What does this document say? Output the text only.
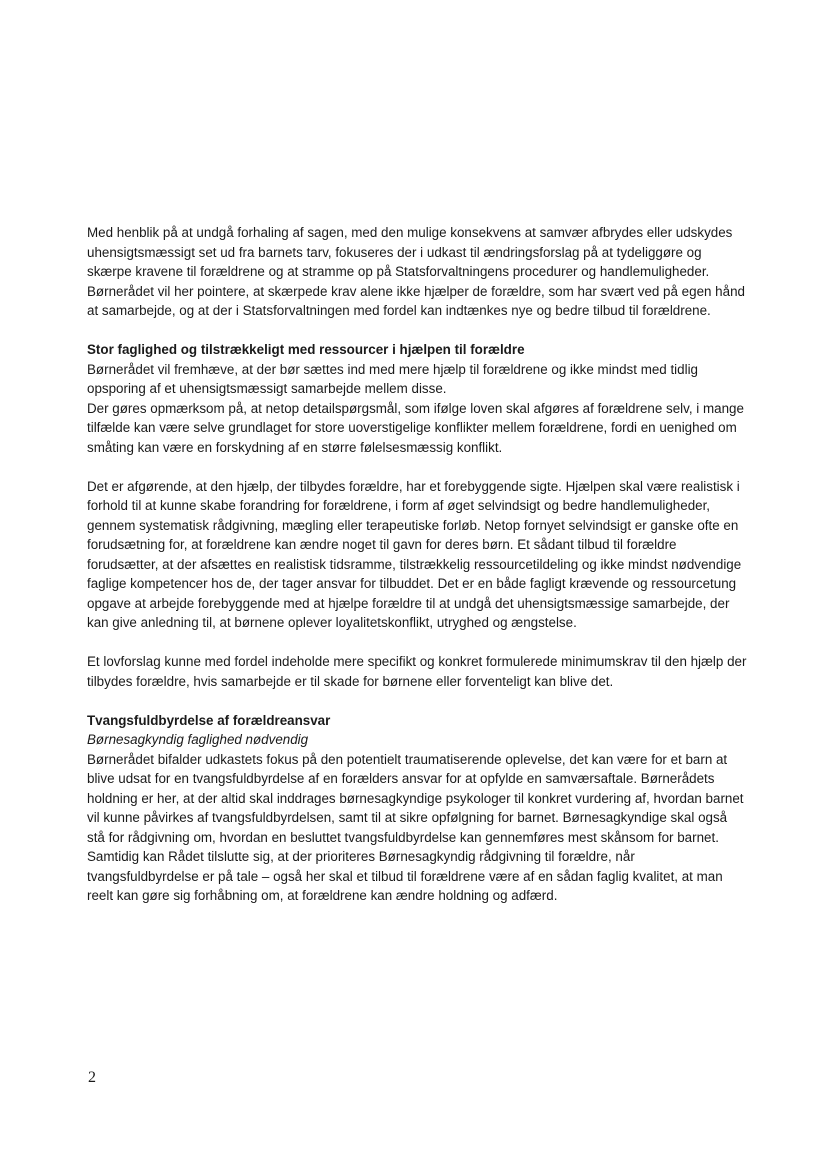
Med henblik på at undgå forhaling af sagen, med den mulige konsekvens at samvær afbrydes eller udskydes uhensigtsmæssigt set ud fra barnets tarv, fokuseres der i udkast til ændringsforslag på at tydeliggøre og skærpe kravene til forældrene og at stramme op på Statsforvaltningens procedurer og handlemuligheder. Børnerådet vil her pointere, at skærpede krav alene ikke hjælper de forældre, som har svært ved på egen hånd at samarbejde, og at der i Statsforvaltningen med fordel kan indtænkes nye og bedre tilbud til forældrene.

Stor faglighed og tilstrækkeligt med ressourcer i hjælpen til forældre

Børnerådet vil fremhæve, at der bør sættes ind med mere hjælp til forældrene og ikke mindst med tidlig opsporing af et uhensigtsmæssigt samarbejde mellem disse.

Der gøres opmærksom på, at netop detailspørgsmål, som ifølge loven skal afgøres af forældrene selv, i mange tilfælde kan være selve grundlaget for store uoverstigelige konflikter mellem forældrene, fordi en uenighed om småting kan være en forskydning af en større følelsesmæssig konflikt.

Det er afgørende, at den hjælp, der tilbydes forældre, har et forebyggende sigte. Hjælpen skal være realistisk i forhold til at kunne skabe forandring for forældrene, i form af øget selvindsigt og bedre handlemuligheder, gennem systematisk rådgivning, mægling eller terapeutiske forløb. Netop fornyet selvindsigt er ganske ofte en forudsætning for, at forældrene kan ændre noget til gavn for deres børn. Et sådant tilbud til forældre forudsætter, at der afsættes en realistisk tidsramme, tilstrækkelig ressourcetildeling og ikke mindst nødvendige faglige kompetencer hos de, der tager ansvar for tilbuddet. Det er en både fagligt krævende og ressourcetung opgave at arbejde forebyggende med at hjælpe forældre til at undgå det uhensigtsmæssige samarbejde, der kan give anledning til, at børnene oplever loyalitetskonflikt, utryghed og ængstelse.

Et lovforslag kunne med fordel indeholde mere specifikt og konkret formulerede minimumskrav til den hjælp der tilbydes forældre, hvis samarbejde er til skade for børnene eller forventeligt kan blive det.

Tvangsfuldbyrdelse af forældreansvar

Børnesagkyndig faglighed nødvendig

Børnerådet bifalder udkastets fokus på den potentielt traumatiserende oplevelse, det kan være for et barn at blive udsat for en tvangsfuldbyrdelse af en forælders ansvar for at opfylde en samværsaftale. Børnerådets holdning er her, at der altid skal inddrages børnesagkyndige psykologer til konkret vurdering af, hvordan barnet vil kunne påvirkes af tvangsfuldbyrdelsen, samt til at sikre opfølgning for barnet. Børnesagkyndige skal også stå for rådgivning om, hvordan en besluttet tvangsfuldbyrdelse kan gennemføres mest skånsom for barnet.

Samtidig kan Rådet tilslutte sig, at der prioriteres Børnesagkyndig rådgivning til forældre, når tvangsfuldbyrdelse er på tale – også her skal et tilbud til forældrene være af en sådan faglig kvalitet, at man reelt kan gøre sig forhåbning om, at forældrene kan ændre holdning og adfærd.

2
